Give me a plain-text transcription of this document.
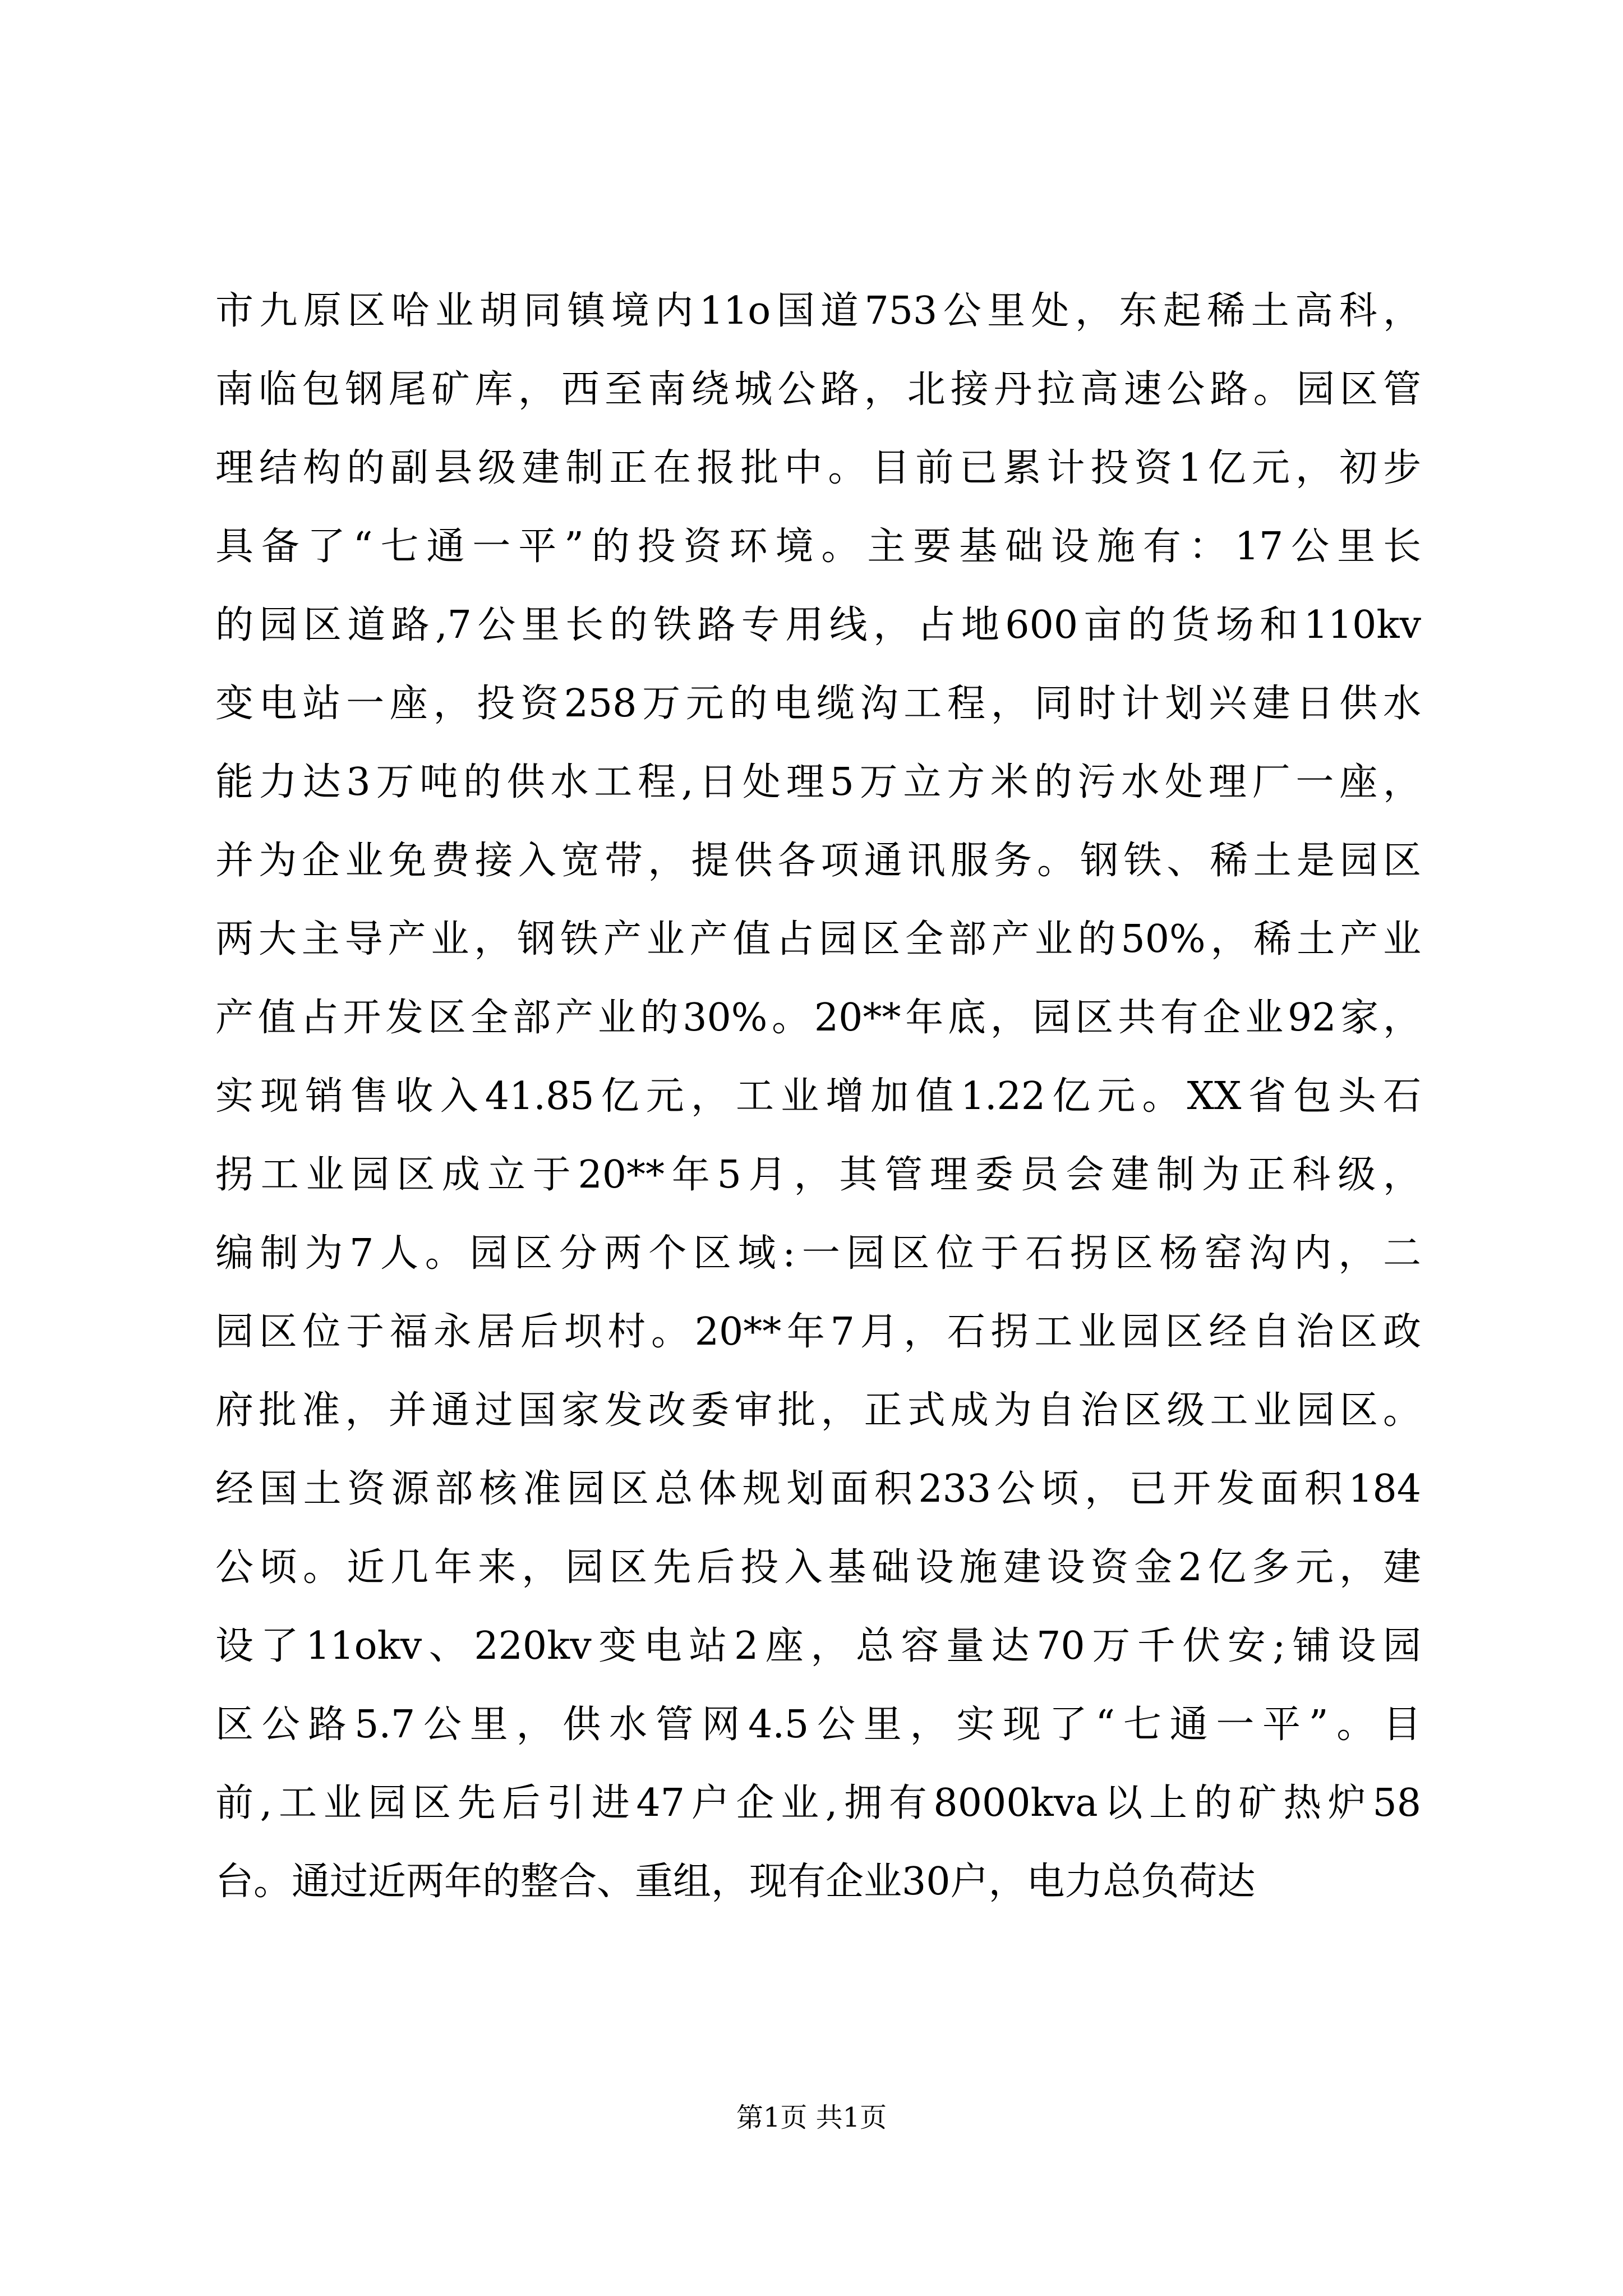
市九原区哈业胡同镇境内11o国道753公里处，东起稀土高科，
南临包钢尾矿库，西至南绕城公路，北接丹拉高速公路。园区管
理结构的副县级建制正在报批中。目前已累计投资1亿元，初步
具备了“七通一平”的投资环境。主要基础设施有：17公里长
的园区道路,7公里长的铁路专用线，占地600亩的货场和110kv
变电站一座，投资258万元的电缆沟工程，同时计划兴建日供水
能力达3万吨的供水工程,日处理5万立方米的污水处理厂一座，
并为企业免费接入宽带，提供各项通讯服务。钢铁、稀土是园区
两大主导产业，钢铁产业产值占园区全部产业的50%，稀土产业
产值占开发区全部产业的30%。20**年底，园区共有企业92家，
实现销售收入41.85亿元，工业增加值1.22亿元。XX省包头石
拐工业园区成立于20**年5月，其管理委员会建制为正科级，
编制为7人。园区分两个区域:一园区位于石拐区杨窑沟内，二
园区位于福永居后坝村。20**年7月，石拐工业园区经自治区政
府批准，并通过国家发改委审批，正式成为自治区级工业园区。
经国土资源部核准园区总体规划面积233公顷，已开发面积184
公顷。近几年来，园区先后投入基础设施建设资金2亿多元，建
设了11okv、220kv变电站2座，总容量达70万千伏安;铺设园
区公路5.7公里，供水管网4.5公里，实现了“七通一平”。目
前,工业园区先后引进47户企业,拥有8000kva以上的矿热炉58
台。通过近两年的整合、重组，现有企业30户，电力总负荷达
第1页 共1页
